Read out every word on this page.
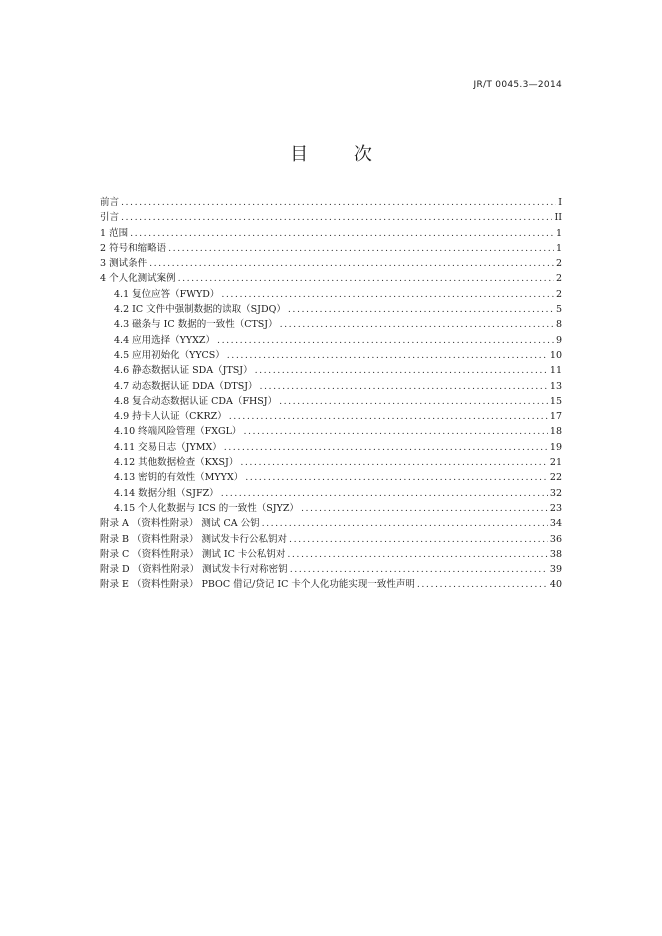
JR/T 0045.3—2014
目 次
前言 .....	I
引言 .....	II
1 范围 .....	1
2 符号和缩略语 .....	1
3 测试条件 .....	2
4 个人化测试案例 .....	2
4.1 复位应答（FWYD） .....	2
4.2 IC 文件中强制数据的读取（SJDQ） .....	5
4.3 磁条与 IC 数据的一致性（CTSJ） .....	8
4.4 应用选择（YYXZ） .....	9
4.5 应用初始化（YYCS） .....	10
4.6 静态数据认证 SDA（JTSJ） .....	11
4.7 动态数据认证 DDA（DTSJ） .....	13
4.8 复合动态数据认证 CDA（FHSJ） .....	15
4.9 持卡人认证（CKRZ） .....	17
4.10 终端风险管理（FXGL） .....	18
4.11 交易日志（JYMX） .....	19
4.12 其他数据检查（KXSJ） .....	21
4.13 密钥的有效性（MYYX） .....	22
4.14 数据分组（SJFZ） .....	32
4.15 个人化数据与 ICS 的一致性（SJYZ） .....	23
附录 A （资料性附录） 测试 CA 公钥 .....	34
附录 B （资料性附录） 测试发卡行公私钥对 .....	36
附录 C （资料性附录） 测试 IC 卡公私钥对 .....	38
附录 D （资料性附录） 测试发卡行对称密钥 .....	39
附录 E （资料性附录） PBOC 借记/贷记 IC 卡个人化功能实现一致性声明 .....	40
